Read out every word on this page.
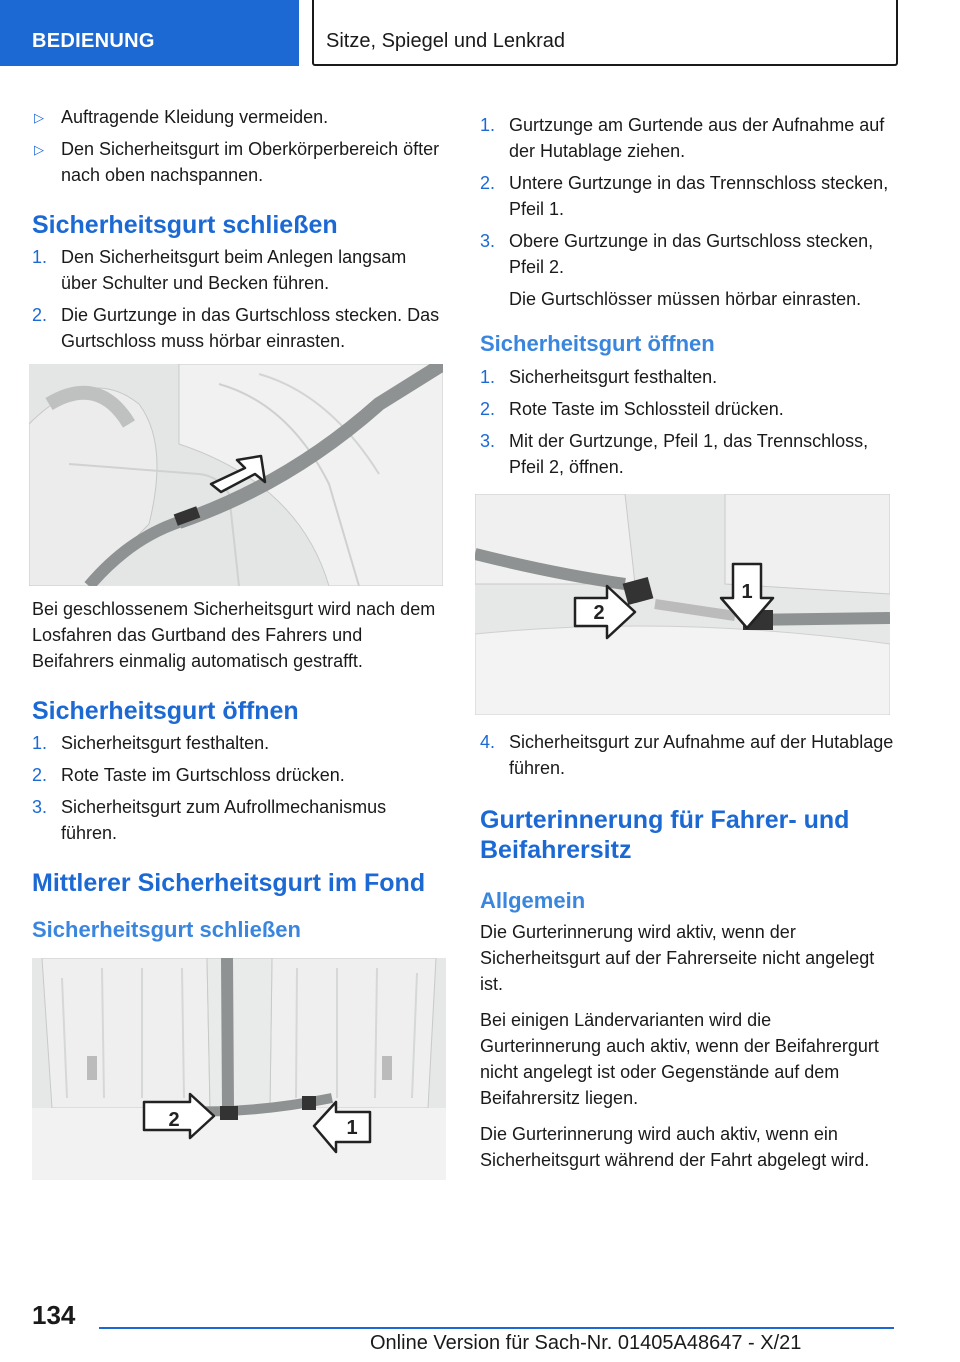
BEDIENUNG	Sitze, Spiegel und Lenkrad
▷ Auftragende Kleidung vermeiden.
▷ Den Sicherheitsgurt im Oberkörperbereich öfter nach oben nachspannen.
Sicherheitsgurt schließen
1. Den Sicherheitsgurt beim Anlegen langsam über Schulter und Becken führen.
2. Die Gurtzunge in das Gurtschloss stecken. Das Gurtschloss muss hörbar einrasten.

Bei geschlossenem Sicherheitsgurt wird nach dem Losfahren das Gurtband des Fahrers und Beifahrers einmalig automatisch gestrafft.

Sicherheitsgurt öffnen
1. Sicherheitsgurt festhalten.
2. Rote Taste im Gurtschloss drücken.
3. Sicherheitsgurt zum Aufrollmechanismus führen.
Mittlerer Sicherheitsgurt im Fond
Sicherheitsgurt schließen
2	1
1. Gurtzunge am Gurtende aus der Aufnahme auf der Hutablage ziehen.
2. Untere Gurtzunge in das Trennschloss stecken, Pfeil 1.
3. Obere Gurtzunge in das Gurtschloss stecken, Pfeil 2.
Die Gurtschlösser müssen hörbar einrasten.
Sicherheitsgurt öffnen
1. Sicherheitsgurt festhalten.
2. Rote Taste im Schlossteil drücken.
3. Mit der Gurtzunge, Pfeil 1, das Trennschloss, Pfeil 2, öffnen.
2
1
4. Sicherheitsgurt zur Aufnahme auf der Hutablage führen.
Gurterinnerung für Fahrer- und Beifahrersitz
Allgemein

Die Gurterinnerung wird aktiv, wenn der Sicherheitsgurt auf der Fahrerseite nicht angelegt ist.

Bei einigen Ländervarianten wird die Gurterinnerung auch aktiv, wenn der Beifahrergurt nicht angelegt ist oder Gegenstände auf dem Beifahrersitz liegen.

Die Gurterinnerung wird auch aktiv, wenn ein Sicherheitsgurt während der Fahrt abgelegt wird.

134
Online Version für Sach-Nr. 01405A48647 - X/21
